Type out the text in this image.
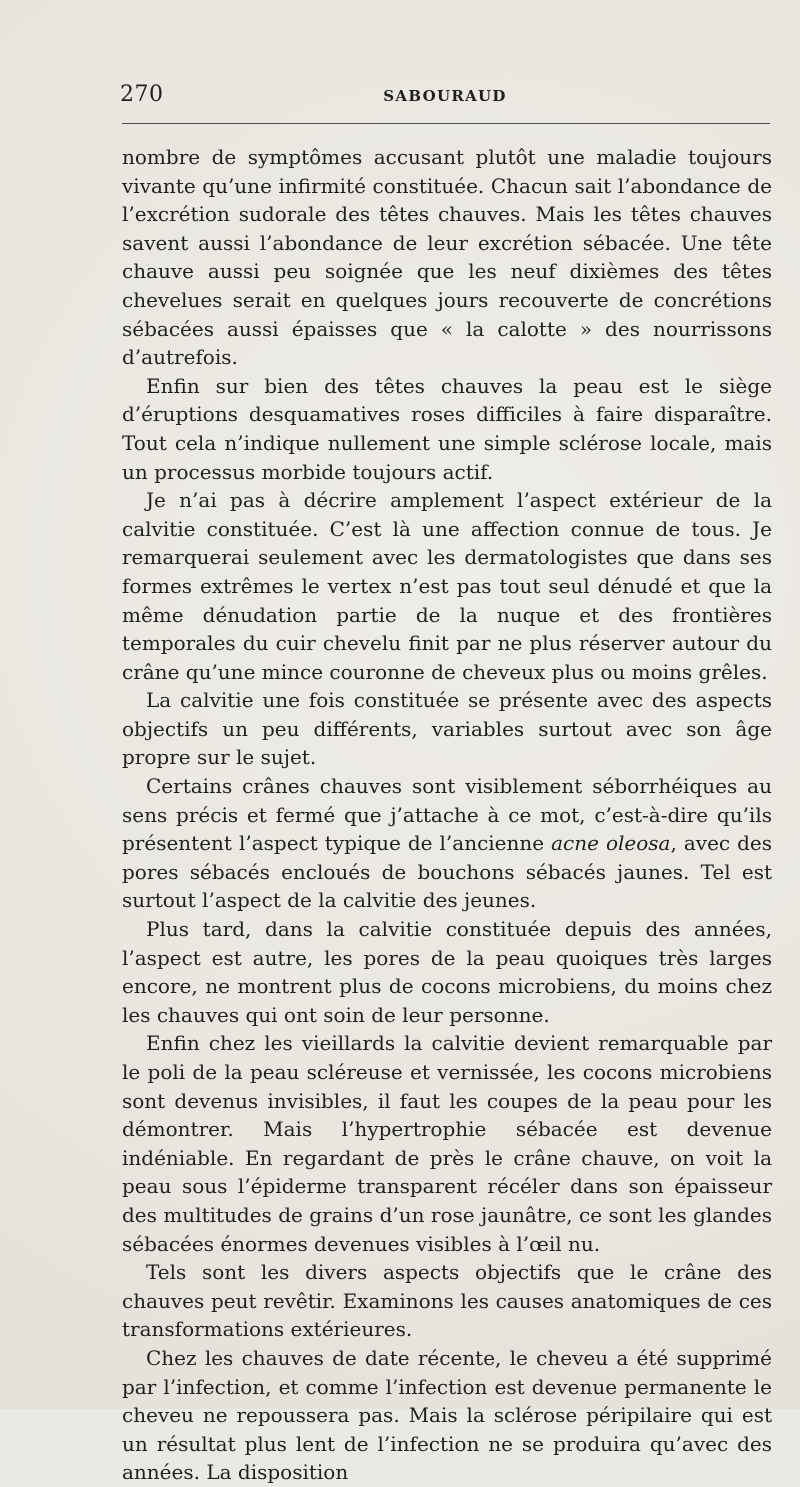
270	SABOURAUD

nombre de symptômes accusant plutôt une maladie toujours vivante qu’une infirmité constituée. Chacun sait l’abondance de l’excrétion sudorale des têtes chauves. Mais les têtes chauves savent aussi l’abondance de leur excrétion sébacée. Une tête chauve aussi peu soignée que les neuf dixièmes des têtes chevelues serait en quelques jours recouverte de concrétions sébacées aussi épaisses que « la calotte » des nourrissons d’autrefois.

Enfin sur bien des têtes chauves la peau est le siège d’éruptions desquamatives roses difficiles à faire disparaître. Tout cela n’indique nullement une simple sclérose locale, mais un processus morbide toujours actif.

Je n’ai pas à décrire amplement l’aspect extérieur de la calvitie constituée. C’est là une affection connue de tous. Je remarquerai seulement avec les dermatologistes que dans ses formes extrêmes le vertex n’est pas tout seul dénudé et que la même dénudation partie de la nuque et des frontières temporales du cuir chevelu finit par ne plus réserver autour du crâne qu’une mince couronne de cheveux plus ou moins grêles.

La calvitie une fois constituée se présente avec des aspects objectifs un peu différents, variables surtout avec son âge propre sur le sujet.

Certains crânes chauves sont visiblement séborrhéiques au sens précis et fermé que j’attache à ce mot, c’est-à-dire qu’ils présentent l’aspect typique de l’ancienne acne oleosa, avec des pores sébacés encloués de bouchons sébacés jaunes. Tel est surtout l’aspect de la calvitie des jeunes.

Plus tard, dans la calvitie constituée depuis des années, l’aspect est autre, les pores de la peau quoiques très larges encore, ne montrent plus de cocons microbiens, du moins chez les chauves qui ont soin de leur personne.

Enfin chez les vieillards la calvitie devient remarquable par le poli de la peau scléreuse et vernissée, les cocons microbiens sont devenus invisibles, il faut les coupes de la peau pour les démontrer. Mais l’hypertrophie sébacée est devenue indéniable. En regardant de près le crâne chauve, on voit la peau sous l’épiderme transparent récéler dans son épaisseur des multitudes de grains d’un rose jaunâtre, ce sont les glandes sébacées énormes devenues visibles à l’œil nu.

Tels sont les divers aspects objectifs que le crâne des chauves peut revêtir. Examinons les causes anatomiques de ces transformations extérieures.

Chez les chauves de date récente, le cheveu a été supprimé par l’infection, et comme l’infection est devenue permanente le cheveu ne repoussera pas. Mais la sclérose péripilaire qui est un résultat plus lent de l’infection ne se produira qu’avec des années. La disposition
